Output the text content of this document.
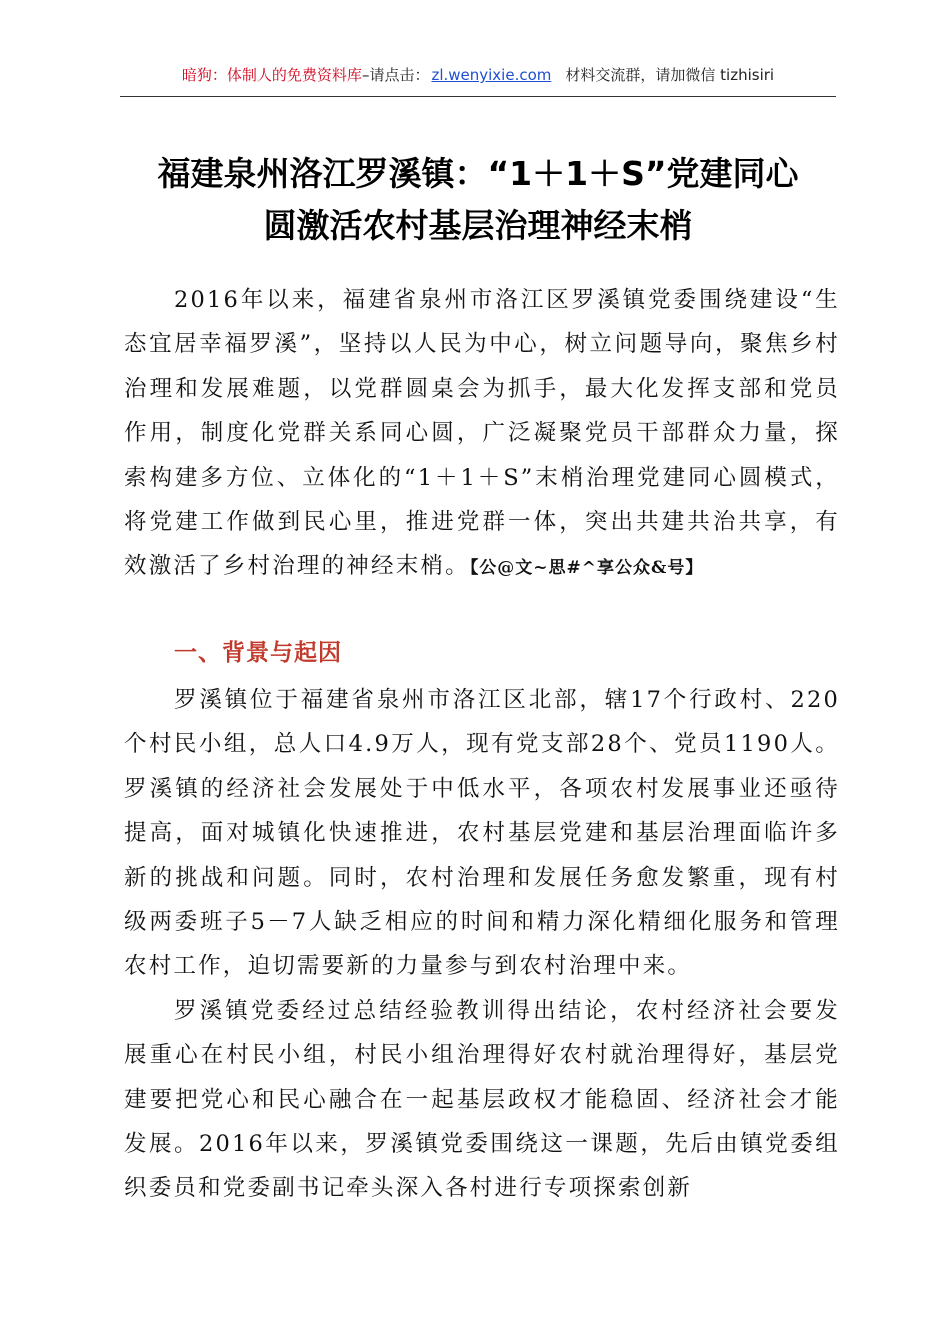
暗狗：体制人的免费资料库 –请点击： zl.wenyixie.com 材料交流群，请加微信 tizhisiri
福建泉州洛江罗溪镇：“1＋1＋S”党建同心
圆激活农村基层治理神经末梢

2016年以来，福建省泉州市洛江区罗溪镇党委围绕建设“生态宜居幸福罗溪”，坚持以人民为中心，树立问题导向，聚焦乡村治理和发展难题，以党群圆桌会为抓手，最大化发挥支部和党员作用，制度化党群关系同心圆，广泛凝聚党员干部群众力量，探索构建多方位、立体化的“1＋1＋S”末梢治理党建同心圆模式，将党建工作做到民心里，推进党群一体，突出共建共治共享，有效激活了乡村治理的神经末梢。【公@文~思#^享公众&号】

一、背景与起因

罗溪镇位于福建省泉州市洛江区北部，辖17个行政村、220个村民小组，总人口4.9万人，现有党支部28个、党员1190人。罗溪镇的经济社会发展处于中低水平，各项农村发展事业还亟待提高，面对城镇化快速推进，农村基层党建和基层治理面临许多新的挑战和问题。同时，农村治理和发展任务愈发繁重，现有村级两委班子5－7人缺乏相应的时间和精力深化精细化服务和管理农村工作，迫切需要新的力量参与到农村治理中来。

罗溪镇党委经过总结经验教训得出结论，农村经济社会要发展重心在村民小组，村民小组治理得好农村就治理得好，基层党建要把党心和民心融合在一起基层政权才能稳固、经济社会才能发展。2016年以来，罗溪镇党委围绕这一课题，先后由镇党委组织委员和党委副书记牵头深入各村进行专项探索创新
